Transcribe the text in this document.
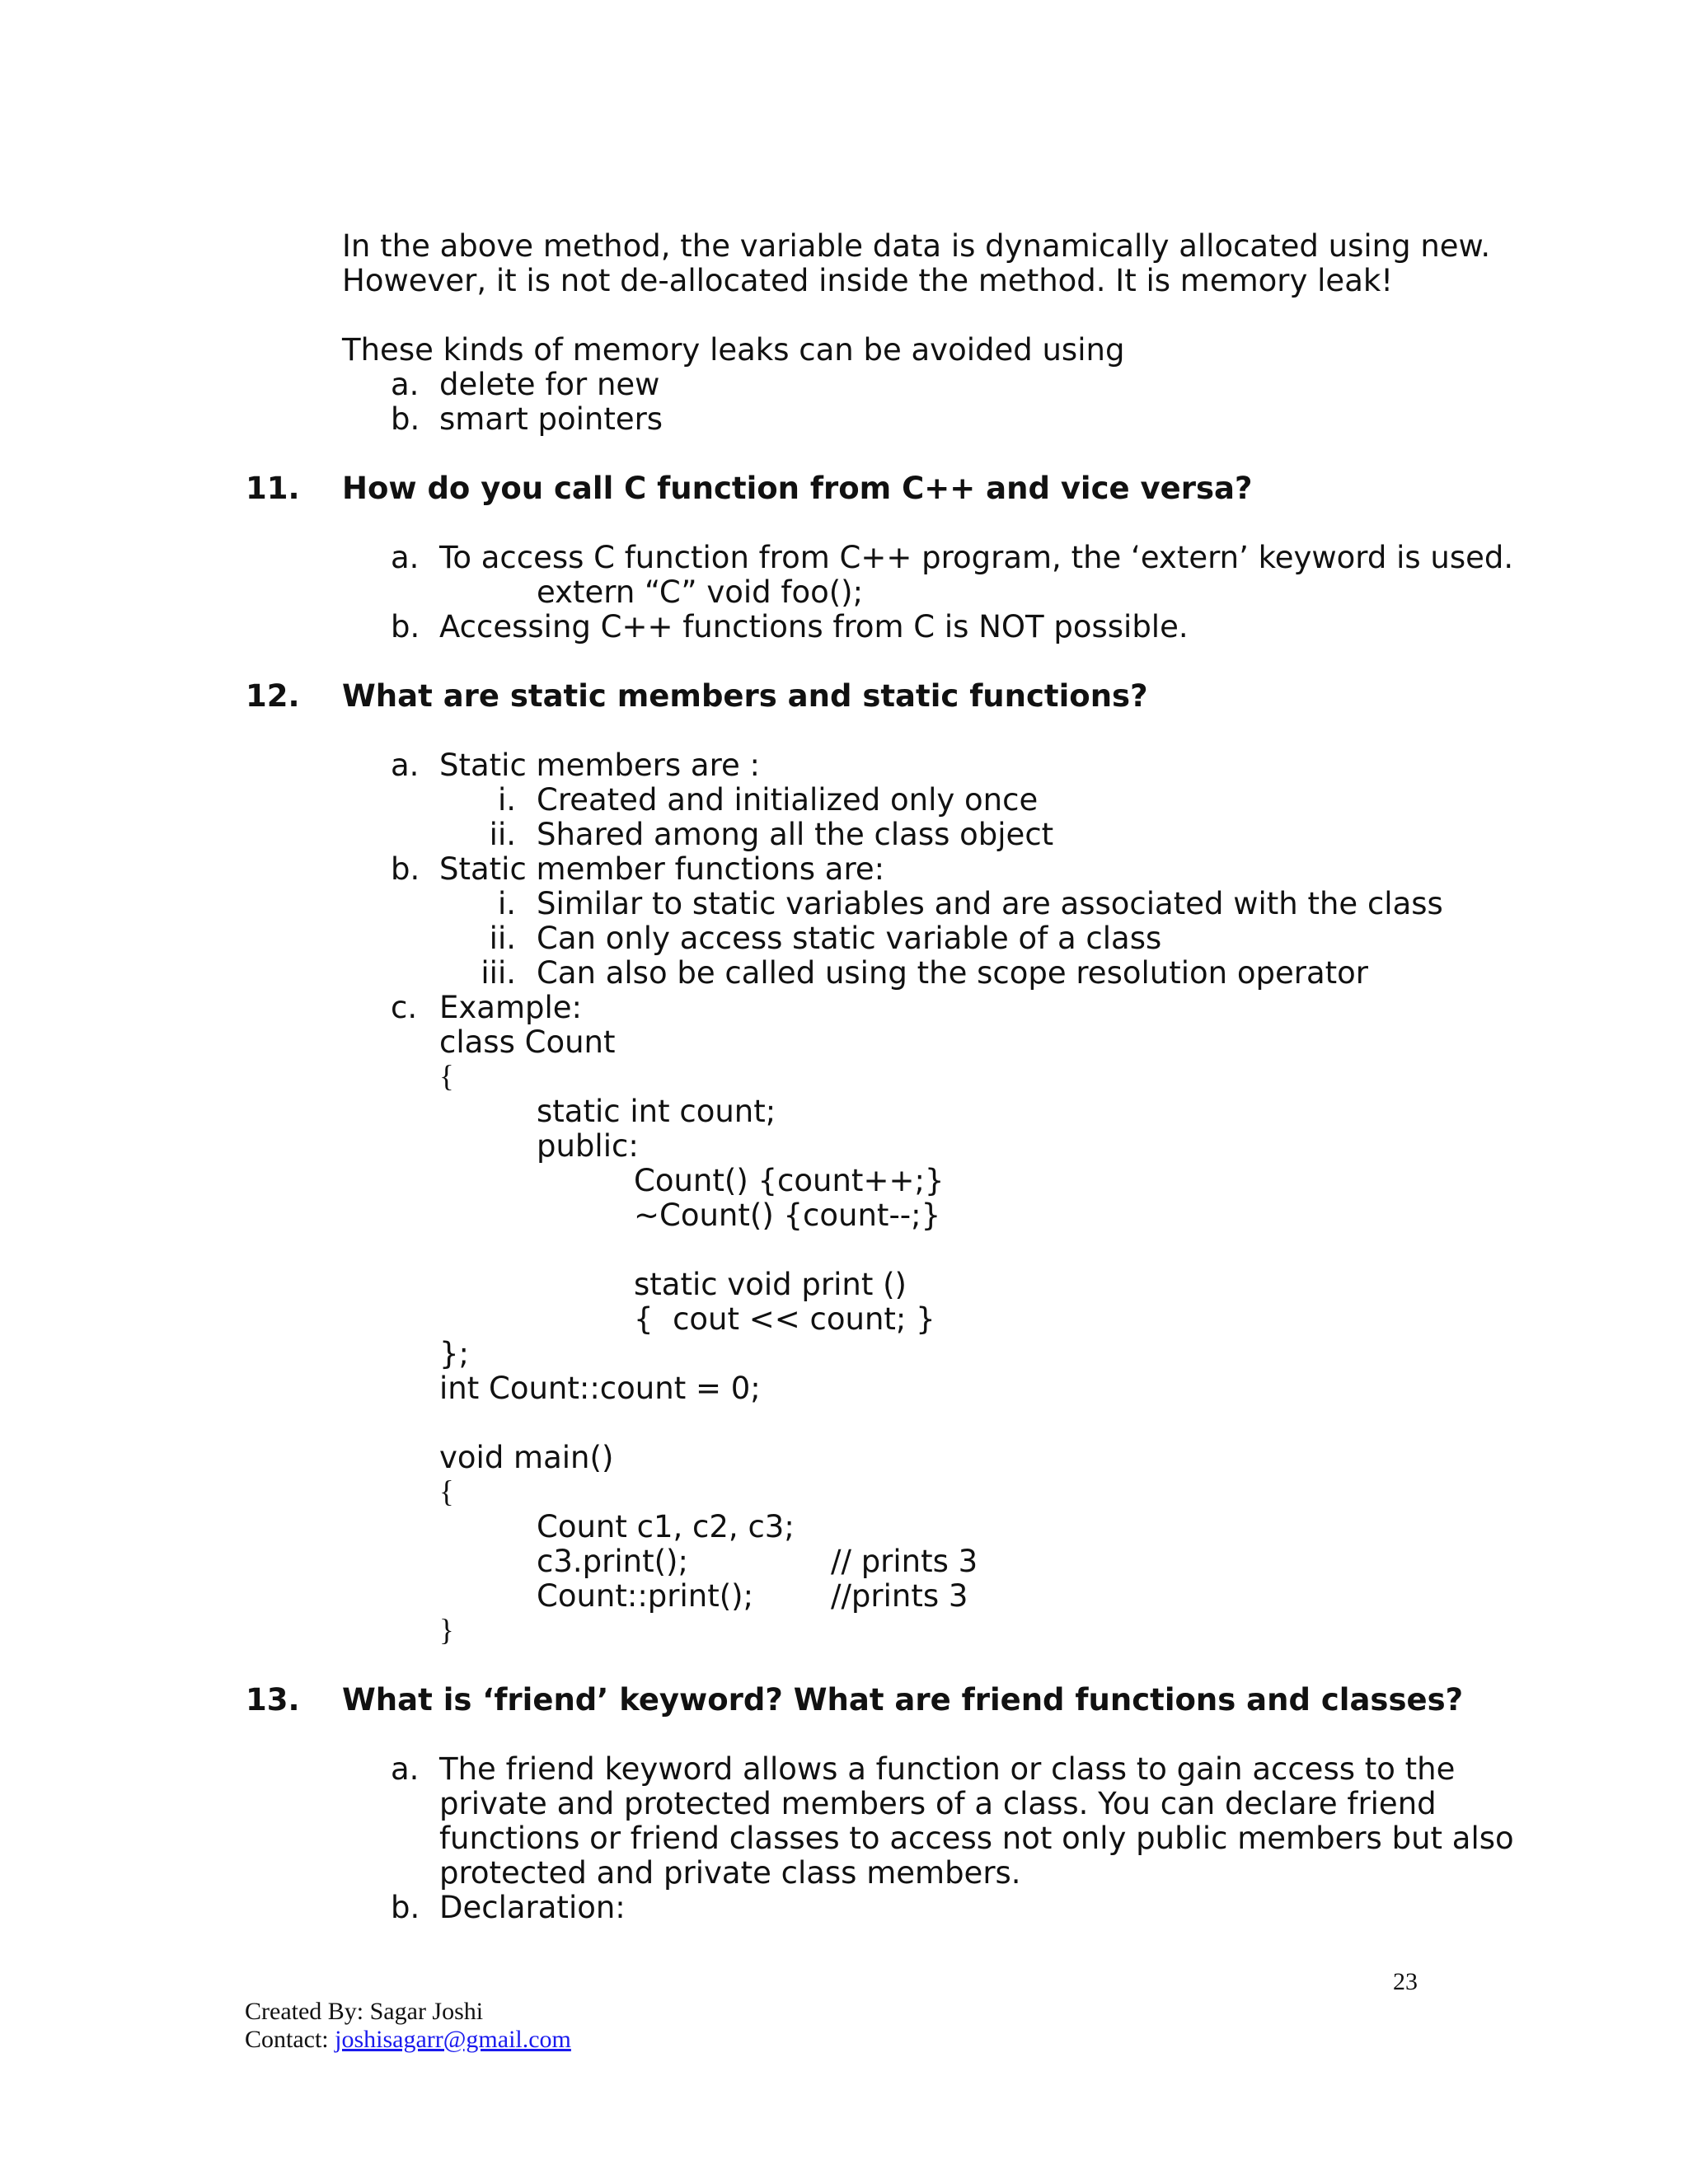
In the above method, the variable data is dynamically allocated using new.
However, it is not de-allocated inside the method. It is memory leak!
These kinds of memory leaks can be avoided using
a. delete for new
b. smart pointers
11. How do you call C function from C++ and vice versa?
a. To access C function from C++ program, the ‘extern’ keyword is used.
extern “C” void foo();
b. Accessing C++ functions from C is NOT possible.
12. What are static members and static functions?
a. Static members are :
i. Created and initialized only once
ii. Shared among all the class object
b. Static member functions are:
i. Similar to static variables and are associated with the class
ii. Can only access static variable of a class
iii. Can also be called using the scope resolution operator
c. Example:
class Count
{
static int count;
public:
Count() {count++;}
~Count() {count--;}
static void print ()
{  cout << count; }
};
int Count::count = 0;
void main()
{
Count c1, c2, c3;
c3.print();	// prints 3
Count::print();	//prints 3
}
13. What is ‘friend’ keyword? What are friend functions and classes?
a. The friend keyword allows a function or class to gain access to the
private and protected members of a class. You can declare friend
functions or friend classes to access not only public members but also
protected and private class members.
b. Declaration:
23
Created By: Sagar Joshi
Contact: joshisagarr@gmail.com
